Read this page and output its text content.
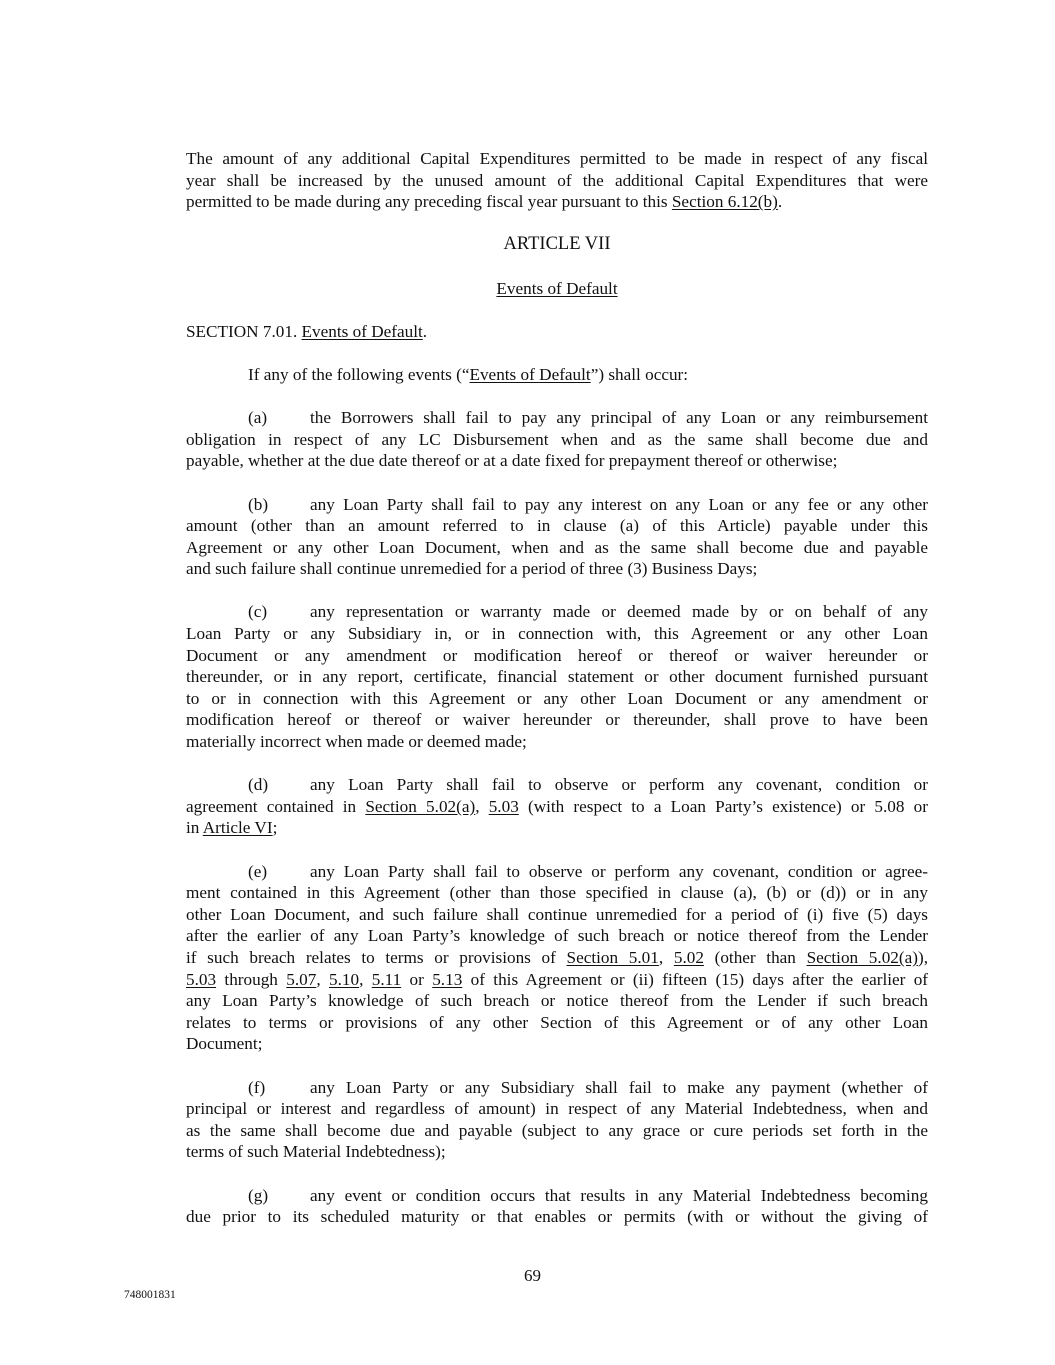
The amount of any additional Capital Expenditures permitted to be made in respect of any fiscal
year shall be increased by the unused amount of the additional Capital Expenditures that were
permitted to be made during any preceding fiscal year pursuant to this Section 6.12(b).
ARTICLE VII
Events of Default
SECTION 7.01. Events of Default.
If any of the following events (“Events of Default”) shall occur:
(a) the Borrowers shall fail to pay any principal of any Loan or any reimbursement
obligation in respect of any LC Disbursement when and as the same shall become due and
payable, whether at the due date thereof or at a date fixed for prepayment thereof or otherwise;
(b) any Loan Party shall fail to pay any interest on any Loan or any fee or any other
amount (other than an amount referred to in clause (a) of this Article) payable under this
Agreement or any other Loan Document, when and as the same shall become due and payable
and such failure shall continue unremedied for a period of three (3) Business Days;
(c) any representation or warranty made or deemed made by or on behalf of any
Loan Party or any Subsidiary in, or in connection with, this Agreement or any other Loan
Document or any amendment or modification hereof or thereof or waiver hereunder or
thereunder, or in any report, certificate, financial statement or other document furnished pursuant
to or in connection with this Agreement or any other Loan Document or any amendment or
modification hereof or thereof or waiver hereunder or thereunder, shall prove to have been
materially incorrect when made or deemed made;
(d) any Loan Party shall fail to observe or perform any covenant, condition or
agreement contained in Section 5.02(a), 5.03 (with respect to a Loan Party’s existence) or 5.08 or
in Article VI;
(e) any Loan Party shall fail to observe or perform any covenant, condition or agree-
ment contained in this Agreement (other than those specified in clause (a), (b) or (d)) or in any
other Loan Document, and such failure shall continue unremedied for a period of (i) five (5) days
after the earlier of any Loan Party’s knowledge of such breach or notice thereof from the Lender
if such breach relates to terms or provisions of Section 5.01, 5.02 (other than Section 5.02(a)),
5.03 through 5.07, 5.10, 5.11 or 5.13 of this Agreement or (ii) fifteen (15) days after the earlier of
any Loan Party’s knowledge of such breach or notice thereof from the Lender if such breach
relates to terms or provisions of any other Section of this Agreement or of any other Loan
Document;
(f)	any Loan Party or any Subsidiary shall fail to make any payment (whether of
principal or interest and regardless of amount) in respect of any Material Indebtedness, when and
as the same shall become due and payable (subject to any grace or cure periods set forth in the
terms of such Material Indebtedness);
(g) any event or condition occurs that results in any Material Indebtedness becoming
due prior to its scheduled maturity or that enables or permits (with or without the giving of
69
748001831
